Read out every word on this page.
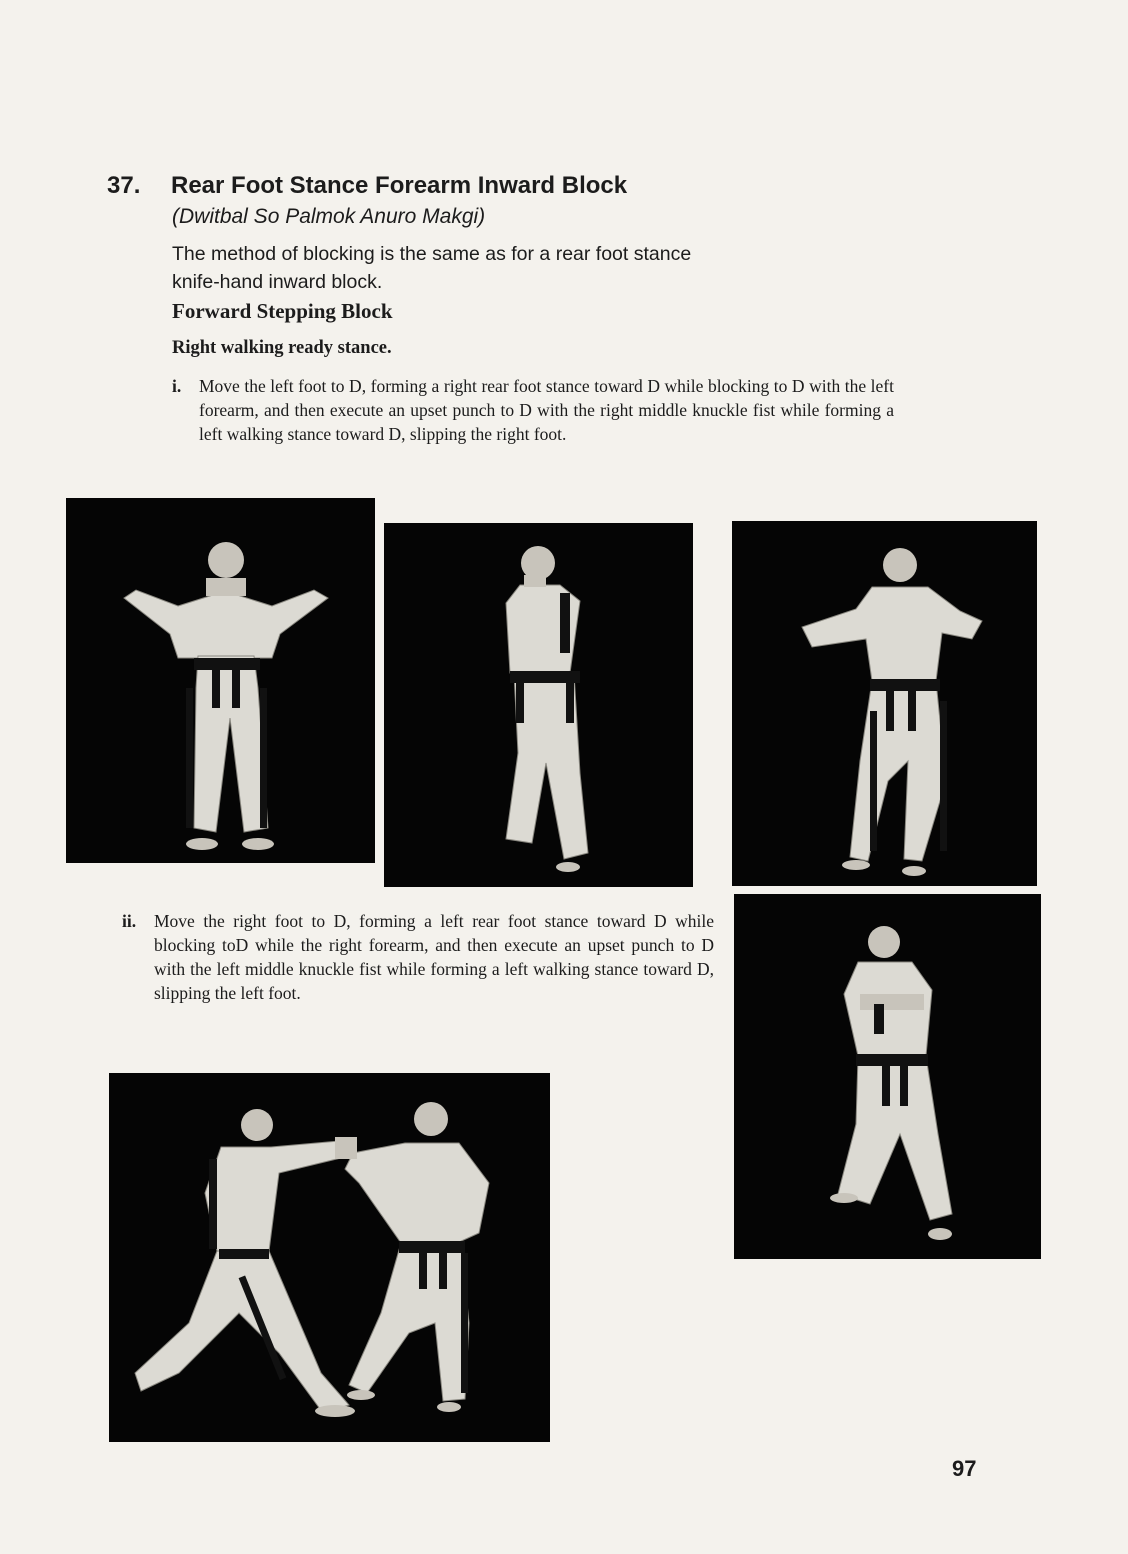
37. Rear Foot Stance Forearm Inward Block
(Dwitbal So Palmok Anuro Makgi)
The method of blocking is the same as for a rear foot stance knife-hand inward block.
Forward Stepping Block
Right walking ready stance.
i. Move the left foot to D, forming a right rear foot stance toward D while blocking to D with the left forearm, and then execute an upset punch to D with the right middle knuckle fist while forming a left walking stance toward D, slipping the right foot.
ii. Move the right foot to D, forming a left rear foot stance toward D while blocking toD while the right forearm, and then execute an upset punch to D with the left middle knuckle fist while forming a left walking stance toward D, slipping the left foot.
97
